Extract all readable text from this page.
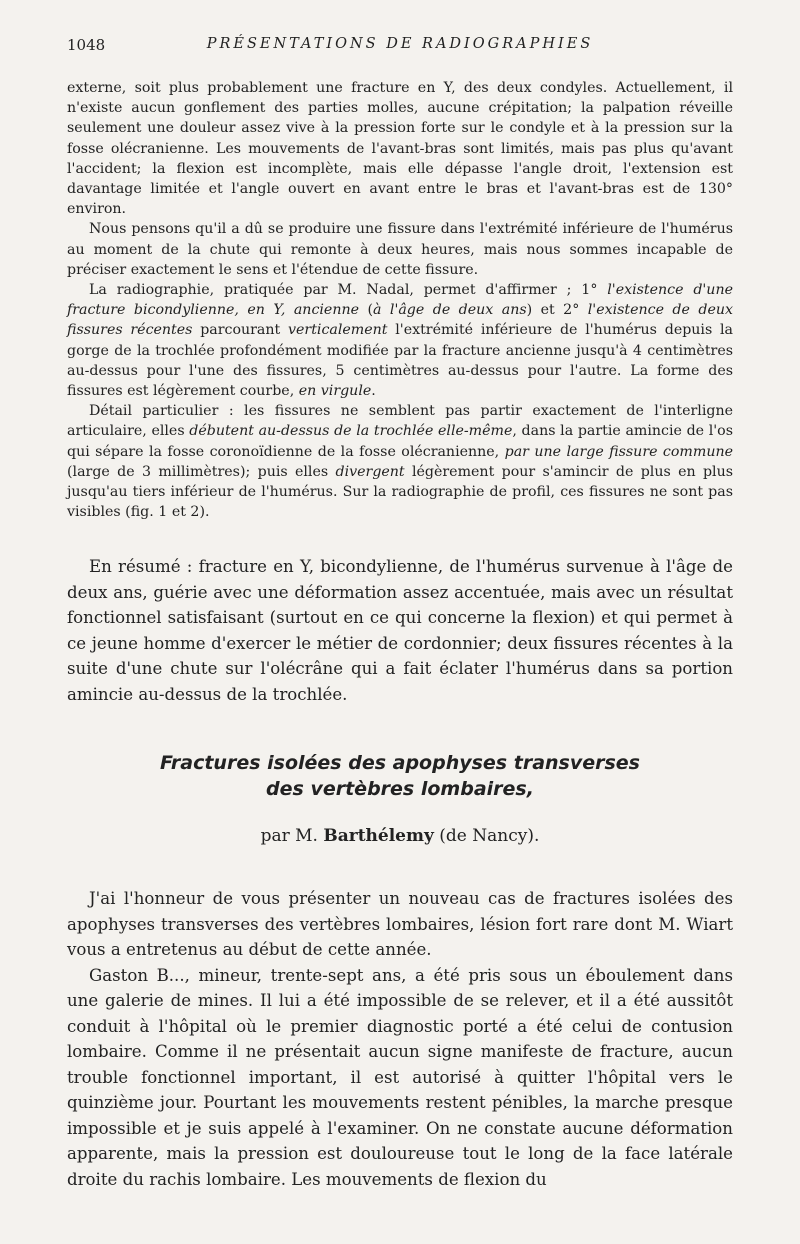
1048	PRÉSENTATIONS DE RADIOGRAPHIES

externe, soit plus probablement une fracture en Y, des deux condyles. Actuellement, il n'existe aucun gonflement des parties molles, aucune crépitation; la palpation réveille seulement une douleur assez vive à la pression forte sur le condyle et à la pression sur la fosse olécranienne. Les mouvements de l'avant-bras sont limités, mais pas plus qu'avant l'accident; la flexion est incomplète, mais elle dépasse l'angle droit, l'extension est davantage limitée et l'angle ouvert en avant entre le bras et l'avant-bras est de 130° environ.

Nous pensons qu'il a dû se produire une fissure dans l'extrémité inférieure de l'humérus au moment de la chute qui remonte à deux heures, mais nous sommes incapable de préciser exactement le sens et l'étendue de cette fissure.

La radiographie, pratiquée par M. Nadal, permet d'affirmer ; 1° l'existence d'une fracture bicondylienne, en Y, ancienne (à l'âge de deux ans) et 2° l'existence de deux fissures récentes parcourant verticalement l'extrémité inférieure de l'humérus depuis la gorge de la trochlée profondément modifiée par la fracture ancienne jusqu'à 4 centimètres au-dessus pour l'une des fissures, 5 centimètres au-dessus pour l'autre. La forme des fissures est légèrement courbe, en virgule.

Détail particulier : les fissures ne semblent pas partir exactement de l'interligne articulaire, elles débutent au-dessus de la trochlée elle-même, dans la partie amincie de l'os qui sépare la fosse coronoïdienne de la fosse olécranienne, par une large fissure commune (large de 3 millimètres); puis elles divergent légèrement pour s'amincir de plus en plus jusqu'au tiers inférieur de l'humérus. Sur la radiographie de profil, ces fissures ne sont pas visibles (fig. 1 et 2).

En résumé : fracture en Y, bicondylienne, de l'humérus survenue à l'âge de deux ans, guérie avec une déformation assez accentuée, mais avec un résultat fonctionnel satisfaisant (surtout en ce qui concerne la flexion) et qui permet à ce jeune homme d'exercer le métier de cordonnier; deux fissures récentes à la suite d'une chute sur l'olécrâne qui a fait éclater l'humérus dans sa portion amincie au-dessus de la trochlée.

Fractures isolées des apophyses transverses
des vertèbres lombaires,
par M. Barthélemy (de Nancy).

J'ai l'honneur de vous présenter un nouveau cas de fractures isolées des apophyses transverses des vertèbres lombaires, lésion fort rare dont M. Wiart vous a entretenus au début de cette année.

Gaston B..., mineur, trente-sept ans, a été pris sous un éboulement dans une galerie de mines. Il lui a été impossible de se relever, et il a été aussitôt conduit à l'hôpital où le premier diagnostic porté a été celui de contusion lombaire. Comme il ne présentait aucun signe manifeste de fracture, aucun trouble fonctionnel important, il est autorisé à quitter l'hôpital vers le quinzième jour. Pourtant les mouvements restent pénibles, la marche presque impossible et je suis appelé à l'examiner. On ne constate aucune déformation apparente, mais la pression est douloureuse tout le long de la face latérale droite du rachis lombaire. Les mouvements de flexion du
